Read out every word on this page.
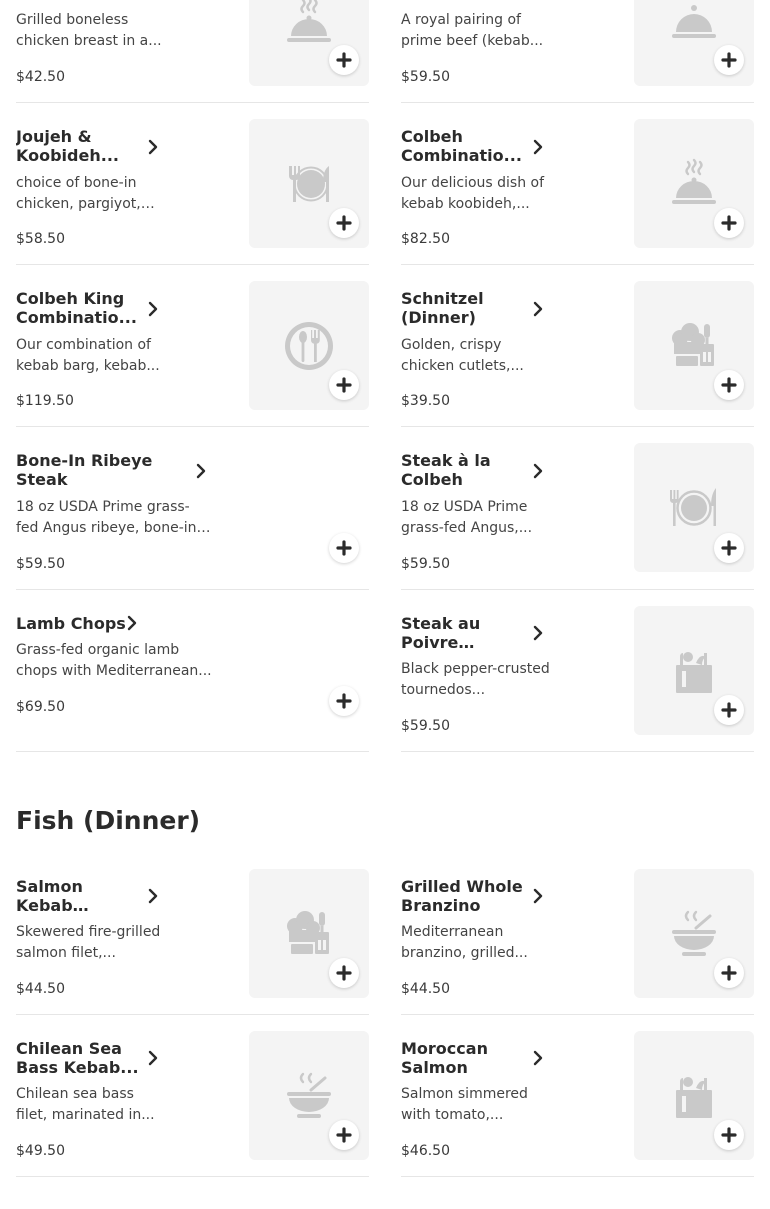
Grilled boneless chicken breast in a...
$42.50
Joujeh & Koobideh...
choice of bone-in chicken, pargiyot,
$58.50
Colbeh King Combinatio...
Our combination of kebab barg, kebab...
$119.50
Bone-In Ribeye Steak
18 oz USDA Prime grass-fed Angus ribeye, bone-in
$59.50
Lamb Chops
Grass-fed organic lamb chops with Mediterranean...
$69.50
Salmon Kebab
Skewered fire-grilled salmon filet,...
$44.50
Chilean Sea Bass Kebab...
Chilean sea bass filet, marinated in...
$49.50
A royal pairing of prime beef (kebab...
$59.50
Colbeh Combinatio...
Our delicious dish of kebab koobideh,...
$82.50
Schnitzel (Dinner)
Golden, crispy chicken cutlets,...
$39.50
Steak à la Colbeh
18 oz USDA Prime grass-fed Angus,...
$59.50
Steak au Poivre
Black pepper-crusted tournedos...
$59.50
Grilled Whole Branzino
Mediterranean branzino, grilled...
$44.50
Moroccan Salmon
Salmon simmered with tomato,...
$46.50
Fish (Dinner)
